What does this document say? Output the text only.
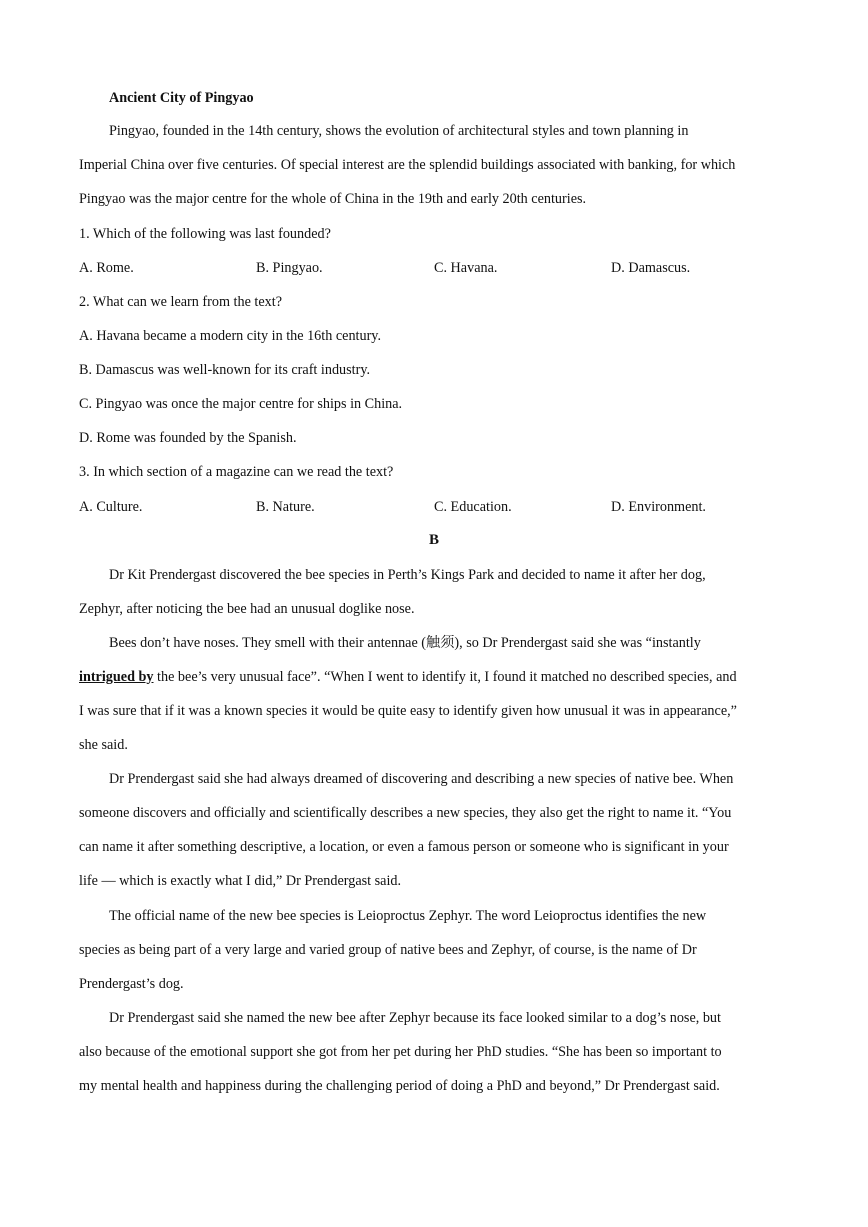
Ancient City of Pingyao
Pingyao, founded in the 14th century, shows the evolution of architectural styles and town planning in
Imperial China over five centuries. Of special interest are the splendid buildings associated with banking, for which
Pingyao was the major centre for the whole of China in the 19th and early 20th centuries.
1. Which of the following was last founded?
A. Rome.	B. Pingyao.	C. Havana.	D. Damascus.
2. What can we learn from the text?
A. Havana became a modern city in the 16th century.
B. Damascus was well-known for its craft industry.
C. Pingyao was once the major centre for ships in China.
D. Rome was founded by the Spanish.
3. In which section of a magazine can we read the text?
A. Culture.	B. Nature.	C. Education.	D. Environment.
B
Dr Kit Prendergast discovered the bee species in Perth’s Kings Park and decided to name it after her dog,
Zephyr, after noticing the bee had an unusual doglike nose.
Bees don’t have noses. They smell with their antennae (触须), so Dr Prendergast said she was “instantly
intrigued by the bee’s very unusual face”. “When I went to identify it, I found it matched no described species, and
I was sure that if it was a known species it would be quite easy to identify given how unusual it was in appearance,”
she said.
Dr Prendergast said she had always dreamed of discovering and describing a new species of native bee. When
someone discovers and officially and scientifically describes a new species, they also get the right to name it. “You
can name it after something descriptive, a location, or even a famous person or someone who is significant in your
life — which is exactly what I did,” Dr Prendergast said.
The official name of the new bee species is Leioproctus Zephyr. The word Leioproctus identifies the new
species as being part of a very large and varied group of native bees and Zephyr, of course, is the name of Dr
Prendergast’s dog.
Dr Prendergast said she named the new bee after Zephyr because its face looked similar to a dog’s nose, but
also because of the emotional support she got from her pet during her PhD studies. “She has been so important to
my mental health and happiness during the challenging period of doing a PhD and beyond,” Dr Prendergast said.
